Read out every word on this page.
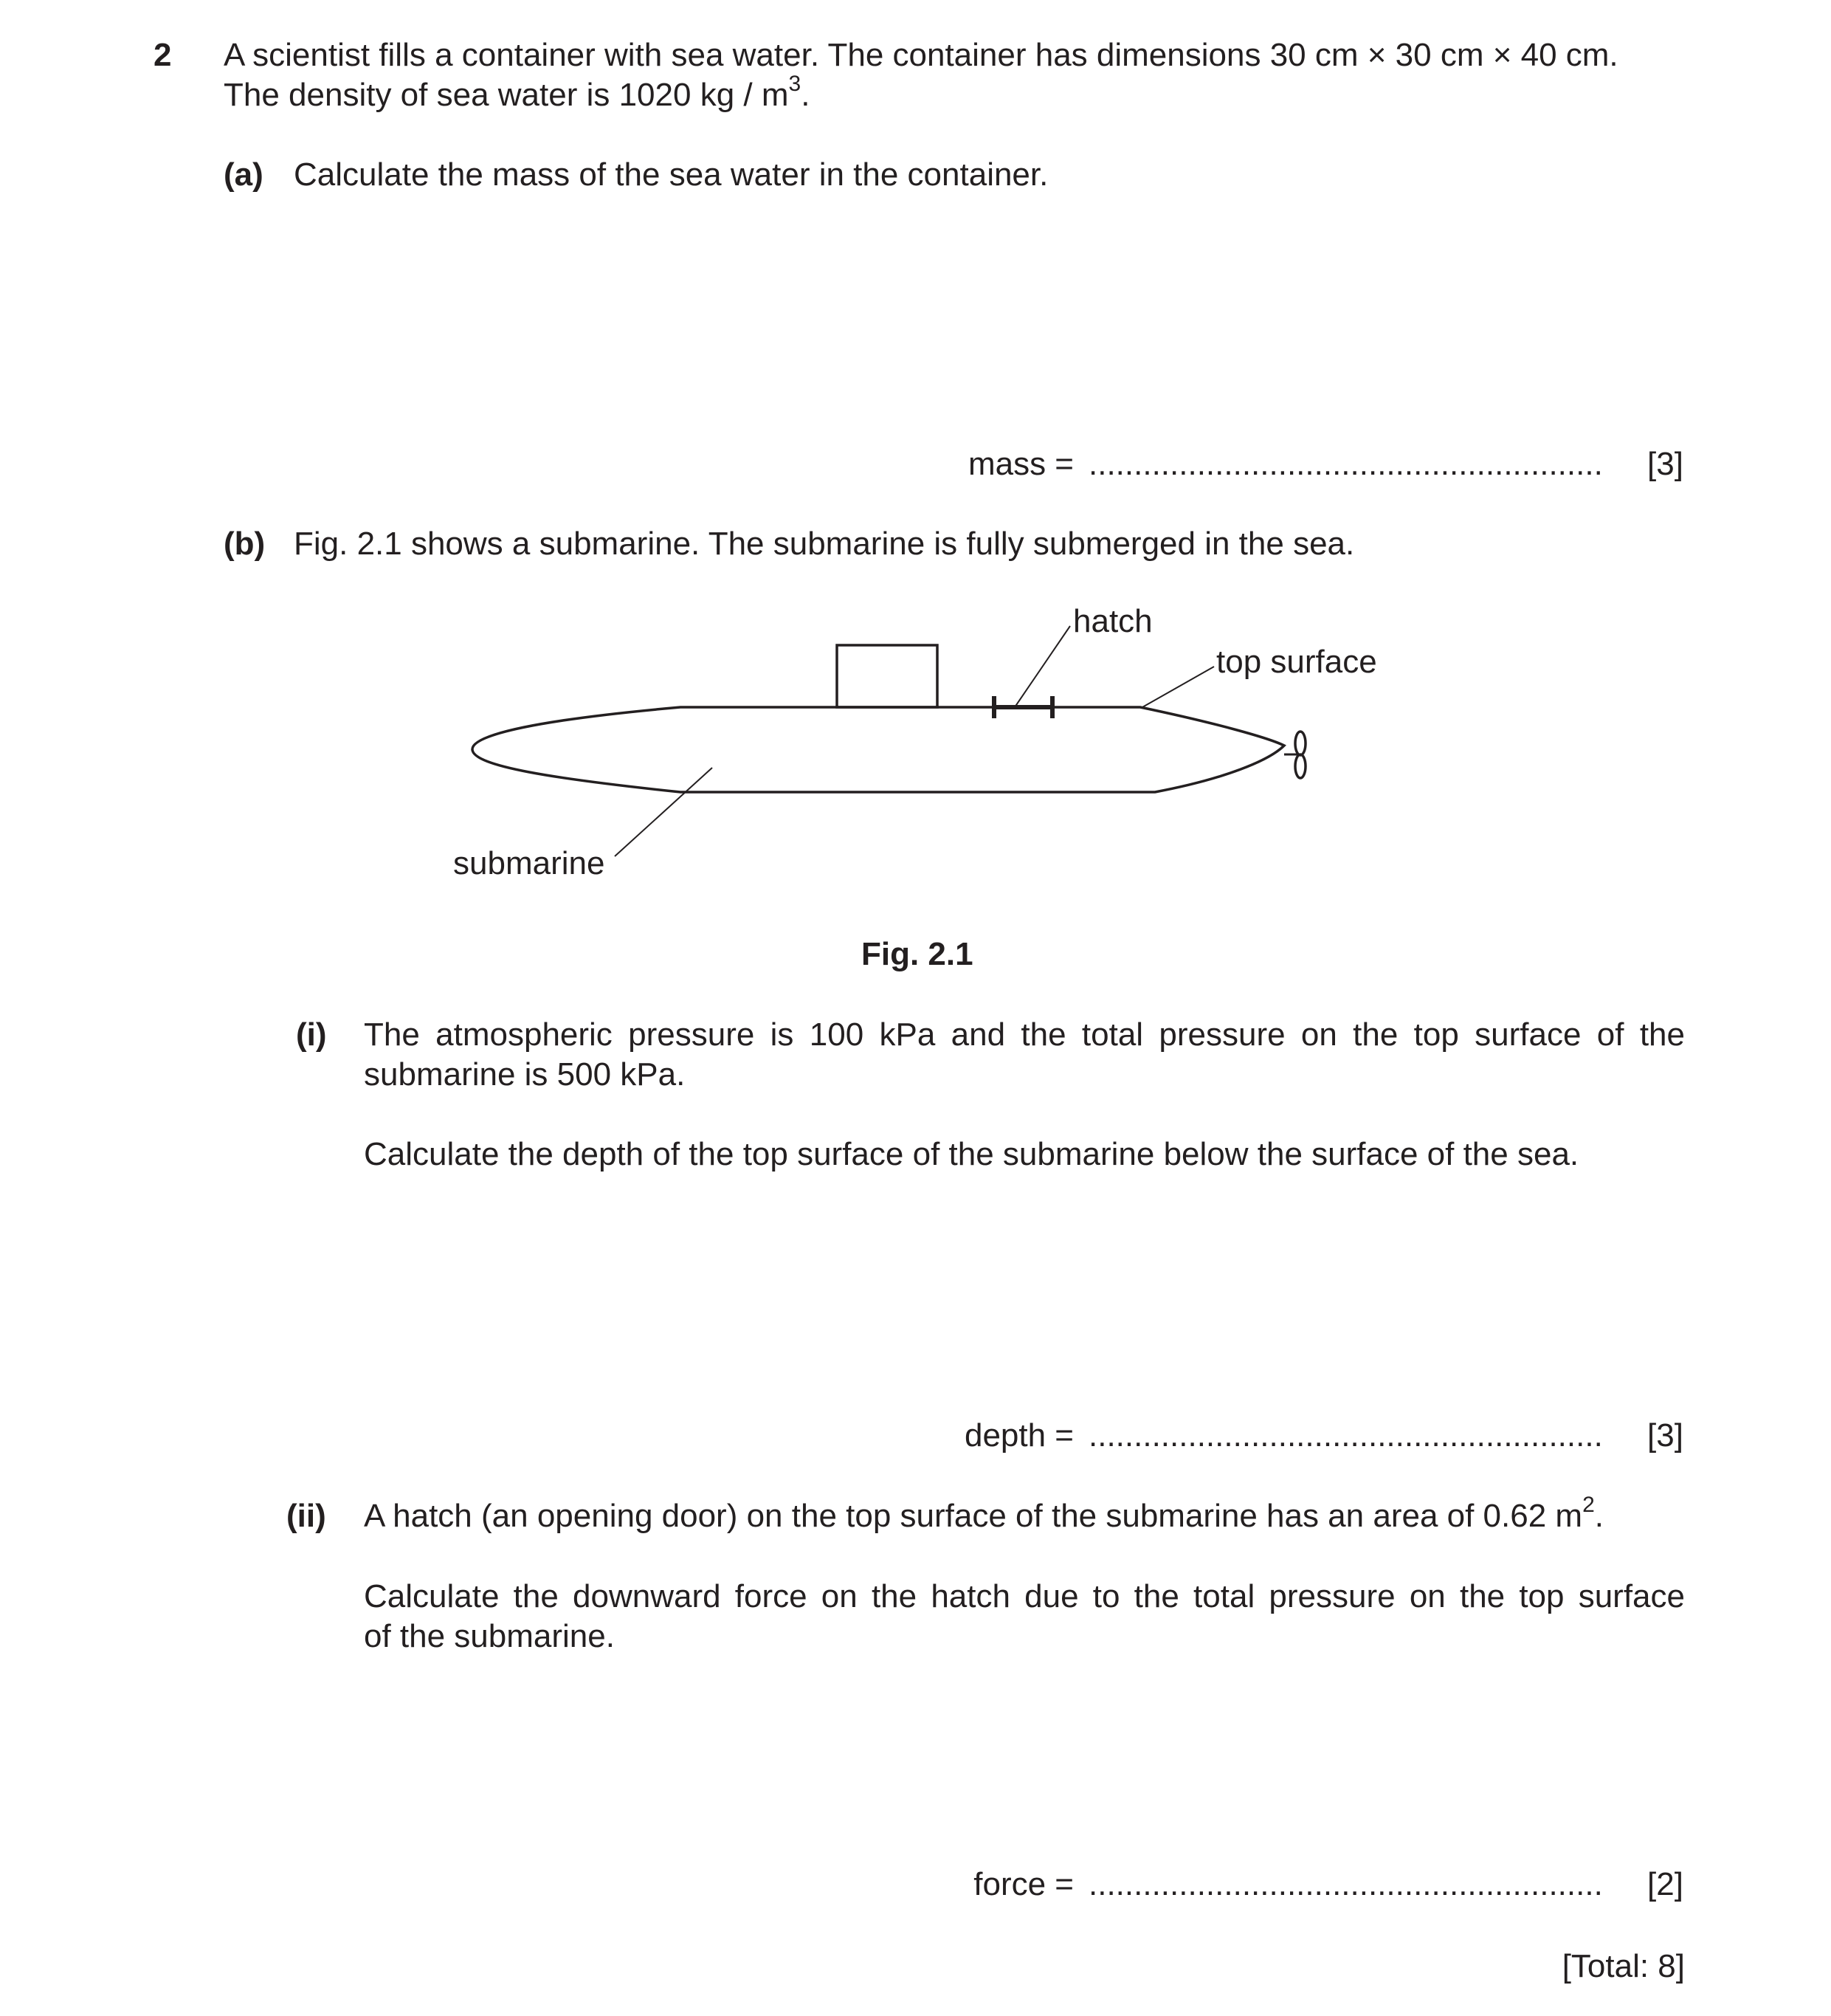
2 A scientist fills a container with sea water. The container has dimensions 30 cm × 30 cm × 40 cm.
The density of sea water is 1020 kg / $m^3$.
(a) Calculate the mass of the sea water in the container.
mass = ......................................................... [3]
(b) Fig. 2.1 shows a submarine. The submarine is fully submerged in the sea.
hatch
top surface
submarine
Fig. 2.1
(i) The atmospheric pressure is 100 kPa and the total pressure on the top surface of the
submarine is 500 kPa.
Calculate the depth of the top surface of the submarine below the surface of the sea.
depth = ......................................................... [3]
(ii) A hatch (an opening door) on the top surface of the submarine has an area of 0.62 $m^2$.
Calculate the downward force on the hatch due to the total pressure on the top surface
of the submarine.
force = ......................................................... [2]
[Total: 8]
